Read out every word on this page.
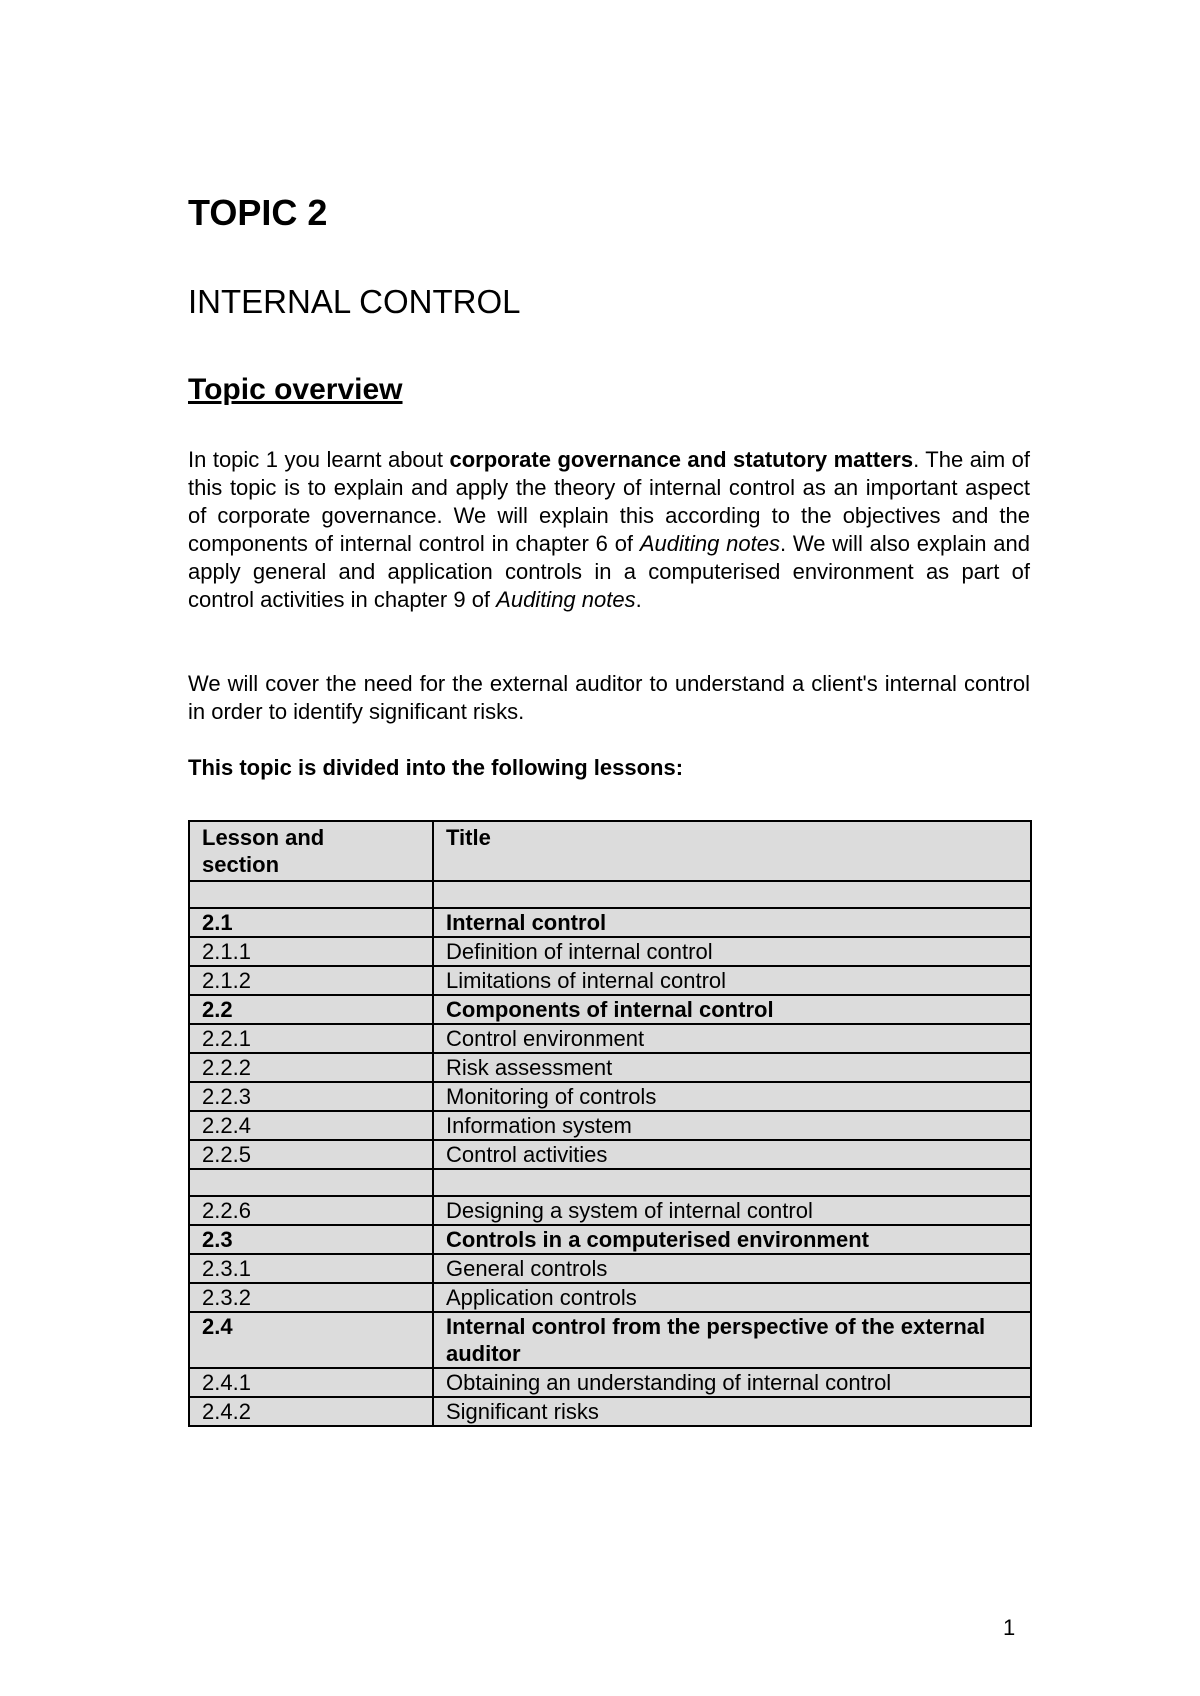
TOPIC 2
INTERNAL CONTROL
Topic overview

In topic 1 you learnt about corporate governance and statutory matters. The aim of this topic is to explain and apply the theory of internal control as an important aspect of corporate governance. We will explain this according to the objectives and the components of internal control in chapter 6 of Auditing notes. We will also explain and apply general and application controls in a computerised environment as part of control activities in chapter 9 of Auditing notes.

We will cover the need for the external auditor to understand a client's internal control in order to identify significant risks.

This topic is divided into the following lessons:

Lesson and section	Title

2.1	Internal control
2.1.1	Definition of internal control
2.1.2	Limitations of internal control
2.2	Components of internal control
2.2.1	Control environment
2.2.2	Risk assessment
2.2.3	Monitoring of controls
2.2.4	Information system
2.2.5	Control activities

2.2.6	Designing a system of internal control
2.3	Controls in a computerised environment
2.3.1	General controls
2.3.2	Application controls
2.4	Internal control from the perspective of the external auditor
2.4.1	Obtaining an understanding of internal control
2.4.2	Significant risks
1
